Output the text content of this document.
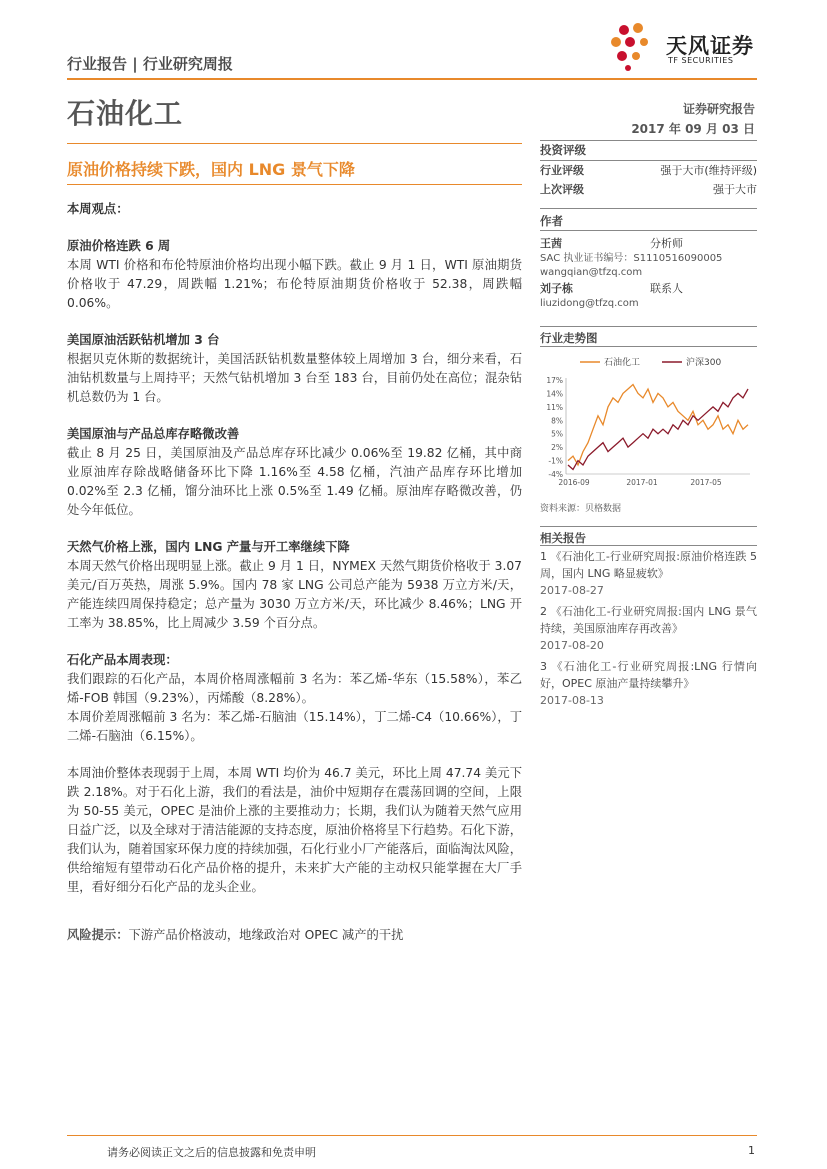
行业报告 | 行业研究周报
天风证券
TF SECURITIES
石油化工	证券研究报告
2017 年 09 月 03 日
原油价格持续下跌，国内 LNG 景气下降

本周观点：

原油价格连跌 6 周

本周 WTI 价格和布伦特原油价格均出现小幅下跌。截止 9 月 1 日，WTI 原油期货价格收于 47.29，周跌幅 1.21%；布伦特原油期货价格收于 52.38，周跌幅 0.06%。

美国原油活跃钻机增加 3 台

根据贝克休斯的数据统计，美国活跃钻机数量整体较上周增加 3 台，细分来看，石油钻机数量与上周持平；天然气钻机增加 3 台至 183 台，目前仍处在高位；混杂钻机总数仍为 1 台。

美国原油与产品总库存略微改善

截止 8 月 25 日，美国原油及产品总库存环比减少 0.06%至 19.82 亿桶，其中商业原油库存除战略储备环比下降 1.16%至 4.58 亿桶，汽油产品库存环比增加 0.02%至 2.3 亿桶，馏分油环比上涨 0.5%至 1.49 亿桶。原油库存略微改善，仍处今年低位。

天然气价格上涨，国内 LNG 产量与开工率继续下降

本周天然气价格出现明显上涨。截止 9 月 1 日，NYMEX 天然气期货价格收于 3.07 美元/百万英热，周涨 5.9%。国内 78 家 LNG 公司总产能为 5938 万立方米/天，产能连续四周保持稳定；总产量为 3030 万立方米/天，环比减少 8.46%；LNG 开工率为 38.85%，比上周减少 3.59 个百分点。

石化产品本周表现：

我们跟踪的石化产品，本周价格周涨幅前 3 名为：苯乙烯-华东（15.58%），苯乙烯-FOB 韩国（9.23%），丙烯酸（8.28%）。

本周价差周涨幅前 3 名为：苯乙烯-石脑油（15.14%），丁二烯-C4（10.66%），丁二烯-石脑油（6.15%）。

本周油价整体表现弱于上周，本周 WTI 均价为 46.7 美元，环比上周 47.74 美元下跌 2.18%。对于石化上游，我们的看法是，油价中短期存在震荡回调的空间，上限为 50-55 美元，OPEC 是油价上涨的主要推动力；长期，我们认为随着天然气应用日益广泛，以及全球对于清洁能源的支持态度，原油价格将呈下行趋势。石化下游，我们认为，随着国家环保力度的持续加强，石化行业小厂产能落后，面临淘汰风险，供给缩短有望带动石化产品价格的提升，未来扩大产能的主动权只能掌握在大厂手里，看好细分石化产品的龙头企业。

风险提示：下游产品价格波动，地缘政治对 OPEC 减产的干扰
投资评级
行业评级	强于大市(维持评级)
上次评级	强于大市
作者
王茜	分析师
SAC 执业证书编号：S1110516090005
wangqian@tfzq.com
刘子栋	联系人
liuzidong@tfzq.com
行业走势图
石油化工	沪深300
17%
14%
11%
8%
5%
2%
-1%
-4%
2016-09	2017-01	2017-05
资料来源：贝格数据
相关报告

1 《石油化工-行业研究周报:原油价格连跌 5 周，国内 LNG 略显疲软》

2017-08-27

2 《石油化工-行业研究周报:国内 LNG 景气持续，美国原油库存再改善》

2017-08-20

3 《石油化工-行业研究周报:LNG 行情向好，OPEC 原油产量持续攀升》

2017-08-13
请务必阅读正文之后的信息披露和免责申明	1
